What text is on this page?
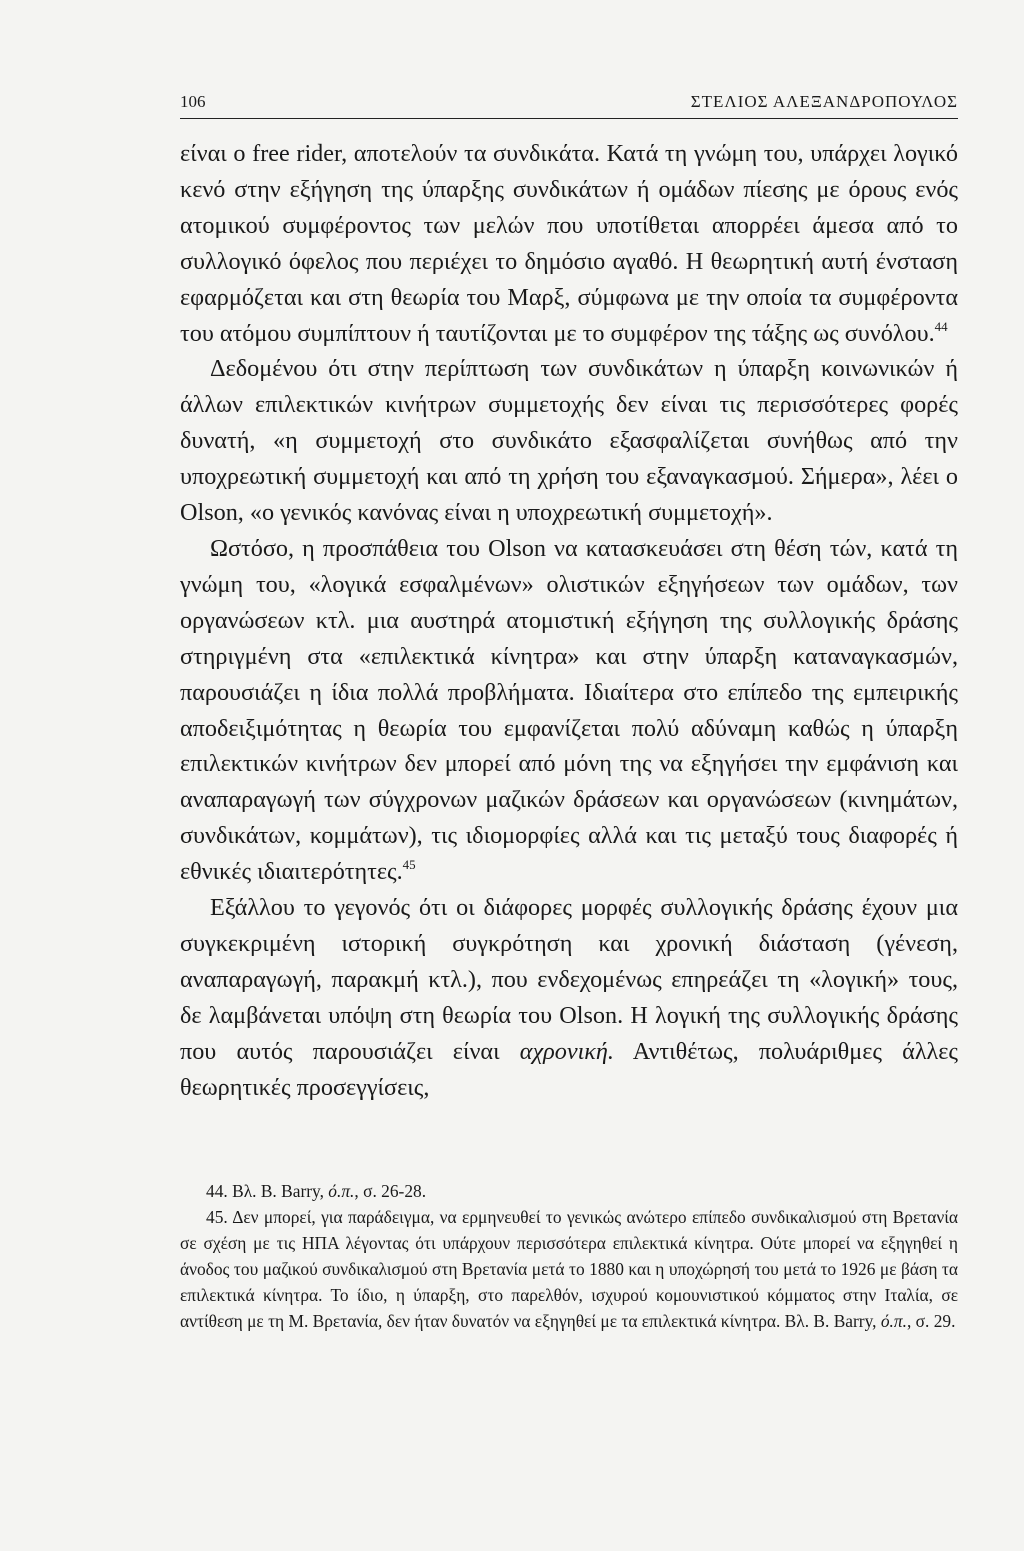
106	ΣΤΕΛΙΟΣ ΑΛΕΞΑΝΔΡΟΠΟΥΛΟΣ

είναι ο free rider, αποτελούν τα συνδικάτα. Κατά τη γνώμη του, υπάρχει λογικό κενό στην εξήγηση της ύπαρξης συνδικάτων ή ομάδων πίεσης με όρους ενός ατομικού συμφέροντος των μελών που υποτίθεται απορρέει άμεσα από το συλλογικό όφελος που περιέχει το δημόσιο αγαθό. Η θεωρητική αυτή ένσταση εφαρμόζεται και στη θεωρία του Μαρξ, σύμφωνα με την οποία τα συμφέροντα του ατόμου συμπίπτουν ή ταυτίζονται με το συμφέρον της τάξης ως συνόλου.$^{44}$

Δεδομένου ότι στην περίπτωση των συνδικάτων η ύπαρξη κοινωνικών ή άλλων επιλεκτικών κινήτρων συμμετοχής δεν είναι τις περισσότερες φορές δυνατή, «η συμμετοχή στο συνδικάτο εξασφαλίζεται συνήθως από την υποχρεωτική συμμετοχή και από τη χρήση του εξαναγκασμού. Σήμερα», λέει ο Olson, «ο γενικός κανόνας είναι η υποχρεωτική συμμετοχή».

Ωστόσο, η προσπάθεια του Olson να κατασκευάσει στη θέση τών, κατά τη γνώμη του, «λογικά εσφαλμένων» ολιστικών εξηγήσεων των ομάδων, των οργανώσεων κτλ. μια αυστηρά ατομιστική εξήγηση της συλλογικής δράσης στηριγμένη στα «επιλεκτικά κίνητρα» και στην ύπαρξη καταναγκασμών, παρουσιάζει η ίδια πολλά προβλήματα. Ιδιαίτερα στο επίπεδο της εμπειρικής αποδειξιμότητας η θεωρία του εμφανίζεται πολύ αδύναμη καθώς η ύπαρξη επιλεκτικών κινήτρων δεν μπορεί από μόνη της να εξηγήσει την εμφάνιση και αναπαραγωγή των σύγχρονων μαζικών δράσεων και οργανώσεων (κινημάτων, συνδικάτων, κομμάτων), τις ιδιομορφίες αλλά και τις μεταξύ τους διαφορές ή εθνικές ιδιαιτερότητες.$^{45}$

Εξάλλου το γεγονός ότι οι διάφορες μορφές συλλογικής δράσης έχουν μια συγκεκριμένη ιστορική συγκρότηση και χρονική διάσταση (γένεση, αναπαραγωγή, παρακμή κτλ.), που ενδεχομένως επηρεάζει τη «λογική» τους, δε λαμβάνεται υπόψη στη θεωρία του Olson. Η λογική της συλλογικής δράσης που αυτός παρουσιάζει είναι αχρονική. Αντιθέτως, πολυάριθμες άλλες θεωρητικές προσεγγίσεις,

44. Βλ. Β. Barry, ό.π., σ. 26-28.

45. Δεν μπορεί, για παράδειγμα, να ερμηνευθεί το γενικώς ανώτερο επίπεδο συνδικαλισμού στη Βρετανία σε σχέση με τις ΗΠΑ λέγοντας ότι υπάρχουν περισσότερα επιλεκτικά κίνητρα. Ούτε μπορεί να εξηγηθεί η άνοδος του μαζικού συνδικαλισμού στη Βρετανία μετά το 1880 και η υποχώρησή του μετά το 1926 με βάση τα επιλεκτικά κίνητρα. Το ίδιο, η ύπαρξη, στο παρελθόν, ισχυρού κομουνιστικού κόμματος στην Ιταλία, σε αντίθεση με τη Μ. Βρετανία, δεν ήταν δυνατόν να εξηγηθεί με τα επιλεκτικά κίνητρα. Βλ. Β. Barry, ό.π., σ. 29.
